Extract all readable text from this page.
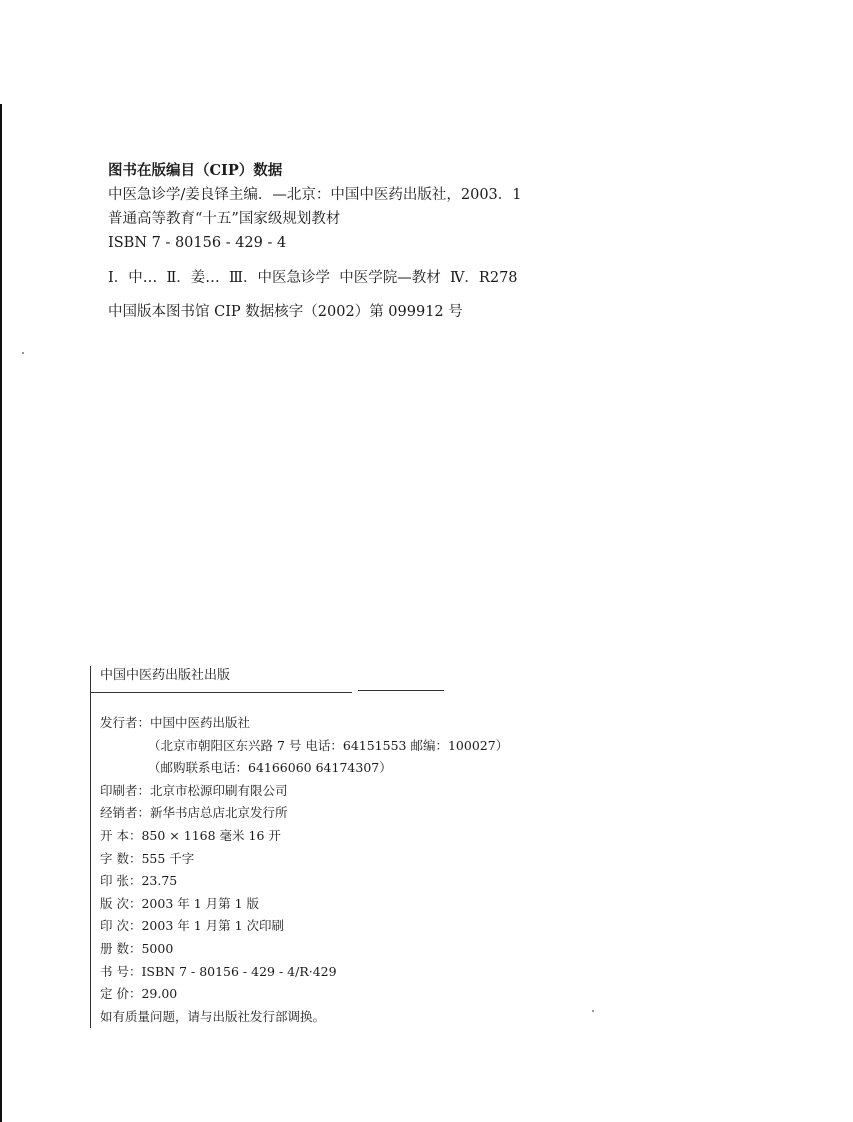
图书在版编目（CIP）数据
中医急诊学/姜良铎主编．—北京：中国中医药出版社，2003．1
普通高等教育“十五”国家级规划教材
ISBN 7 - 80156 - 429 - 4
Ⅰ．中…  Ⅱ．姜…  Ⅲ．中医急诊学  中医学院—教材  Ⅳ．R278
中国版本图书馆 CIP 数据核字（2002）第 099912 号
中国中医药出版社出版
发行者：中国中医药出版社
（北京市朝阳区东兴路 7 号 电话：64151553 邮编：100027）
（邮购联系电话：64166060 64174307）
印刷者：北京市松源印刷有限公司
经销者：新华书店总店北京发行所
开 本：850 × 1168 毫米 16 开
字 数：555 千字
印 张：23.75
版 次：2003 年 1 月第 1 版
印 次：2003 年 1 月第 1 次印刷
册 数：5000
书 号：ISBN 7 - 80156 - 429 - 4/R·429
定 价：29.00
如有质量问题，请与出版社发行部调换。
